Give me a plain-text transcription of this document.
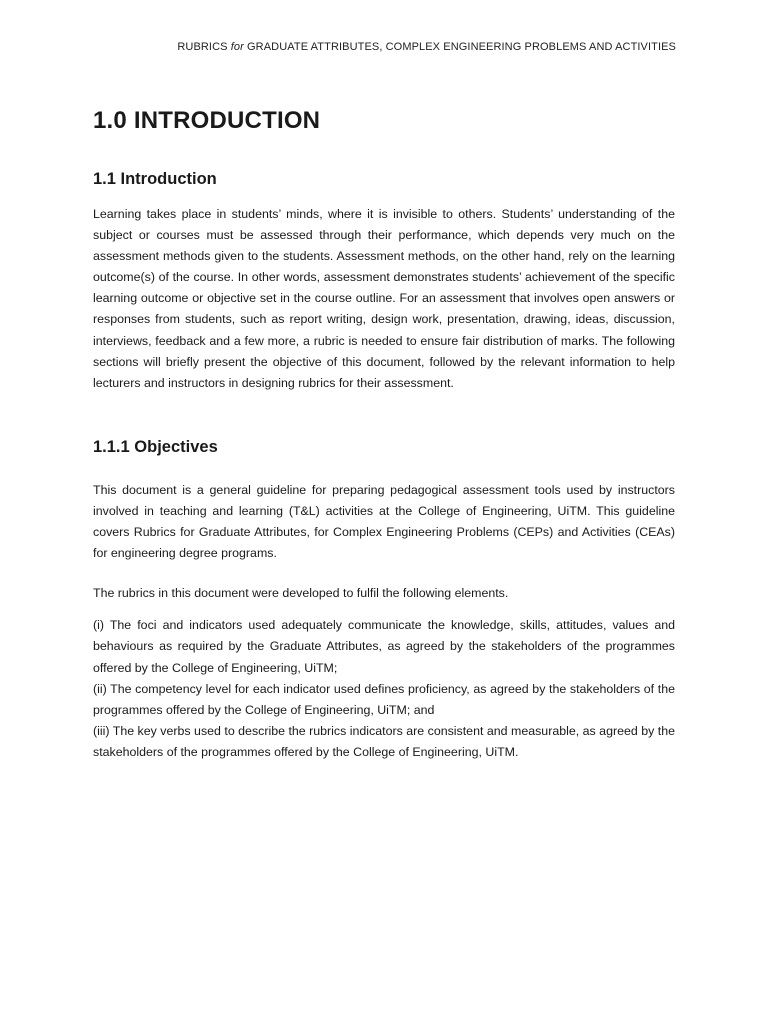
RUBRICS for GRADUATE ATTRIBUTES, COMPLEX ENGINEERING PROBLEMS AND ACTIVITIES
1.0 INTRODUCTION
1.1 Introduction

Learning takes place in students’ minds, where it is invisible to others. Students’ understanding of the subject or courses must be assessed through their performance, which depends very much on the assessment methods given to the students. Assessment methods, on the other hand, rely on the learning outcome(s) of the course. In other words, assessment demonstrates students’ achievement of the specific learning outcome or objective set in the course outline. For an assessment that involves open answers or responses from students, such as report writing, design work, presentation, drawing, ideas, discussion, interviews, feedback and a few more, a rubric is needed to ensure fair distribution of marks. The following sections will briefly present the objective of this document, followed by the relevant information to help lecturers and instructors in designing rubrics for their assessment.

1.1.1 Objectives

This document is a general guideline for preparing pedagogical assessment tools used by instructors involved in teaching and learning (T&L) activities at the College of Engineering, UiTM. This guideline covers Rubrics for Graduate Attributes, for Complex Engineering Problems (CEPs) and Activities (CEAs) for engineering degree programs.

The rubrics in this document were developed to fulfil the following elements.

(i) The foci and indicators used adequately communicate the knowledge, skills, attitudes, values and behaviours as required by the Graduate Attributes, as agreed by the stakeholders of the programmes offered by the College of Engineering, UiTM;

(ii) The competency level for each indicator used defines proficiency, as agreed by the stakeholders of the programmes offered by the College of Engineering, UiTM; and

(iii) The key verbs used to describe the rubrics indicators are consistent and measurable, as agreed by the stakeholders of the programmes offered by the College of Engineering, UiTM.
